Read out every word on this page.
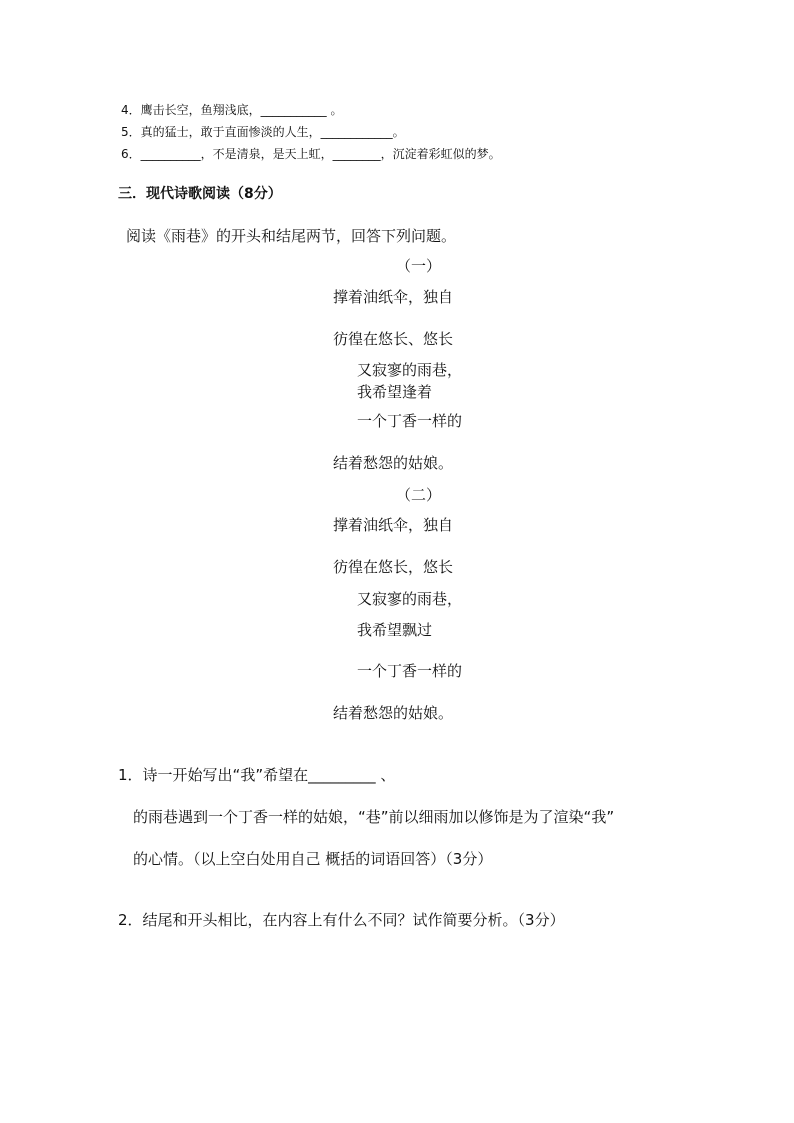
4．鹰击长空，鱼翔浅底，___________ 。
5．真的猛士，敢于直面惨淡的人生，____________。
6．__________，不是清泉，是天上虹，________，沉淀着彩虹似的梦。
三．现代诗歌阅读（8分）
阅读《雨巷》的开头和结尾两节，回答下列问题。
（一）
撑着油纸伞，独自
彷徨在悠长、悠长
又寂寥的雨巷，
我希望逢着
一个丁香一样的
结着愁怨的姑娘。
（二）
撑着油纸伞，独自
彷徨在悠长，悠长
又寂寥的雨巷，
我希望飘过
一个丁香一样的
结着愁怨的姑娘。
1．诗一开始写出“我”希望在_________ 、
的雨巷遇到一个丁香一样的姑娘，“巷”前以细雨加以修饰是为了渲染“我”
的心情。（以上空白处用自己 概括的词语回答）（3分）
2．结尾和开头相比，在内容上有什么不同？试作简要分析。（3分）
